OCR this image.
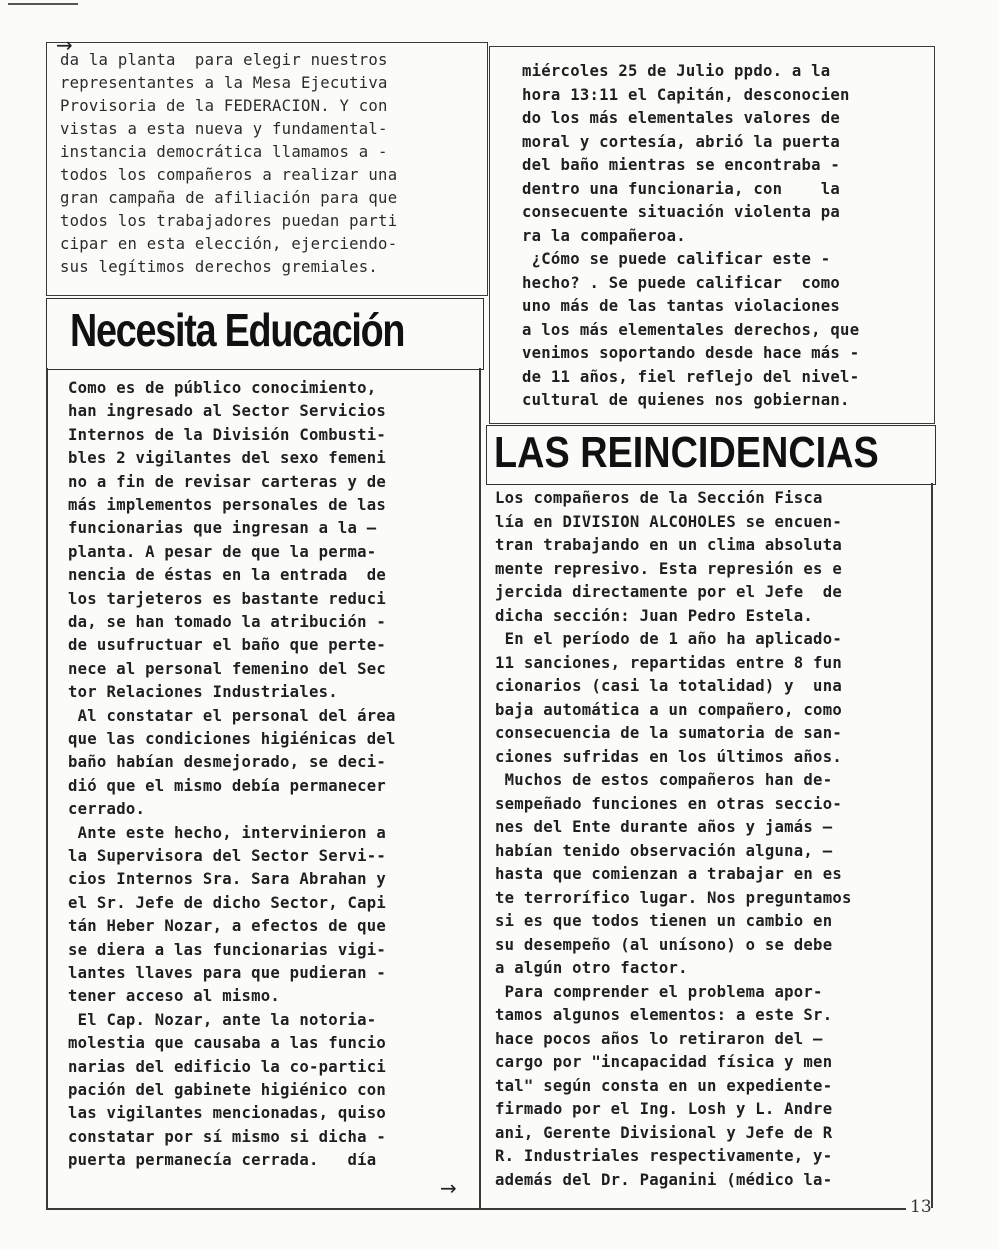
→
da la planta  para elegir nuestros
representantes a la Mesa Ejecutiva
Provisoria de la FEDERACION. Y con
vistas a esta nueva y fundamental-
instancia democrática llamamos a -
todos los compañeros a realizar una
gran campaña de afiliación para que
todos los trabajadores puedan parti
cipar en esta elección, ejerciendo-
sus legítimos derechos gremiales.
miércoles 25 de Julio ppdo. a la
hora 13:11 el Capitán, desconocien
do los más elementales valores de
moral y cortesía, abrió la puerta
del baño mientras se encontraba -
dentro una funcionaria, con    la
consecuente situación violenta pa
ra la compañeroa.
¿Cómo se puede calificar este -
hecho? . Se puede calificar  como
uno más de las tantas violaciones
a los más elementales derechos, que
venimos soportando desde hace más -
de 11 años, fiel reflejo del nivel-
cultural de quienes nos gobiernan.
Necesita Educación
Como es de público conocimiento,
han ingresado al Sector Servicios
Internos de la División Combusti-
bles 2 vigilantes del sexo femeni
no a fin de revisar carteras y de
más implementos personales de las
funcionarias que ingresan a la —
planta. A pesar de que la perma-
nencia de éstas en la entrada  de
los tarjeteros es bastante reduci
da, se han tomado la atribución -
de usufructuar el baño que perte-
nece al personal femenino del Sec
tor Relaciones Industriales.
Al constatar el personal del área
que las condiciones higiénicas del
baño habían desmejorado, se deci-
dió que el mismo debía permanecer
cerrado.
Ante este hecho, intervinieron a
la Supervisora del Sector Servi--
cios Internos Sra. Sara Abrahan y
el Sr. Jefe de dicho Sector, Capi
tán Heber Nozar, a efectos de que
se diera a las funcionarias vigi-
lantes llaves para que pudieran -
tener acceso al mismo.
El Cap. Nozar, ante la notoria-
molestia que causaba a las funcio
narias del edificio la co-partici
pación del gabinete higiénico con
las vigilantes mencionadas, quiso
constatar por sí mismo si dicha -
puerta permanecía cerrada.   día
→
LAS REINCIDENCIAS
Los compañeros de la Sección Fisca
lía en DIVISION ALCOHOLES se encuen-
tran trabajando en un clima absoluta
mente represivo. Esta represión es e
jercida directamente por el Jefe  de
dicha sección: Juan Pedro Estela.
En el período de 1 año ha aplicado-
11 sanciones, repartidas entre 8 fun
cionarios (casi la totalidad) y  una
baja automática a un compañero, como
consecuencia de la sumatoria de san-
ciones sufridas en los últimos años.
Muchos de estos compañeros han de-
sempeñado funciones en otras seccio-
nes del Ente durante años y jamás —
habían tenido observación alguna, —
hasta que comienzan a trabajar en es
te terrorífico lugar. Nos preguntamos
si es que todos tienen un cambio en
su desempeño (al unísono) o se debe
a algún otro factor.
Para comprender el problema apor-
tamos algunos elementos: a este Sr.
hace pocos años lo retiraron del —
cargo por "incapacidad física y men
tal" según consta en un expediente-
firmado por el Ing. Losh y L. Andre
ani, Gerente Divisional y Jefe de R
R. Industriales respectivamente, y-
además del Dr. Paganini (médico la-
13
